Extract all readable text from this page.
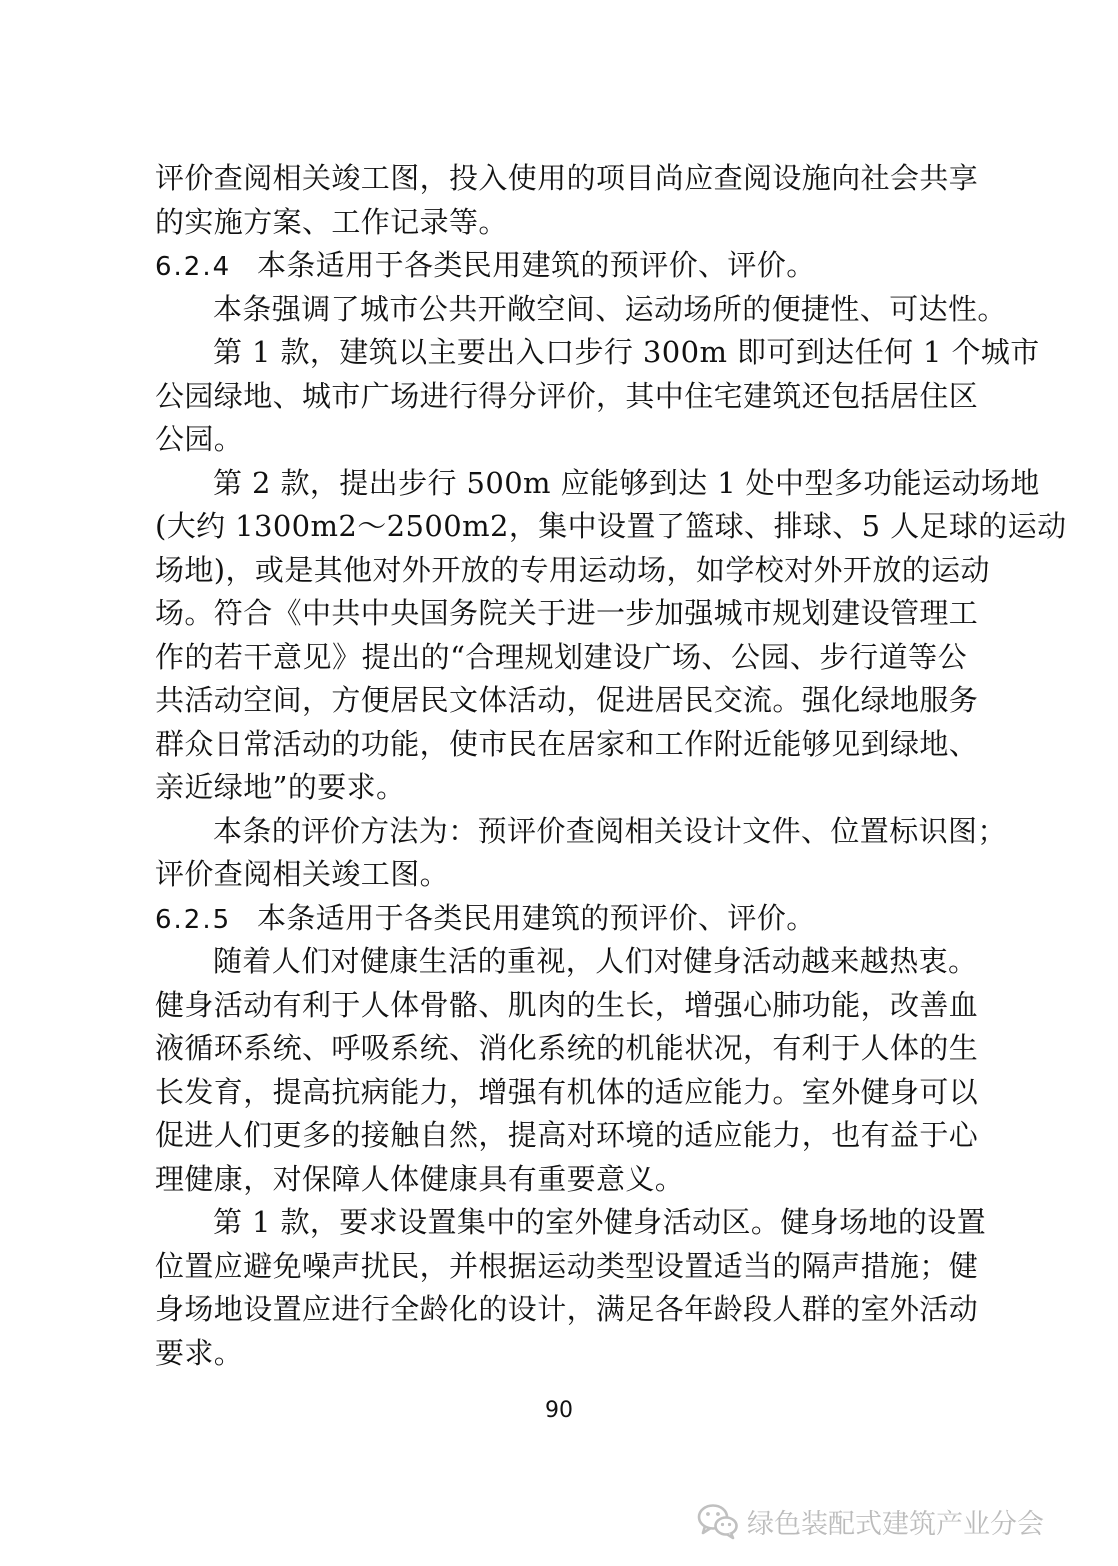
评价查阅相关竣工图，投入使用的项目尚应查阅设施向社会共享
的实施方案、工作记录等。
6.2.4 本条适用于各类民用建筑的预评价、评价。
本条强调了城市公共开敞空间、运动场所的便捷性、可达性。
第 1 款，建筑以主要出入口步行 300m 即可到达任何 1 个城市
公园绿地、城市广场进行得分评价，其中住宅建筑还包括居住区
公园。
第 2 款，提出步行 500m 应能够到达 1 处中型多功能运动场地
(大约 1300m2～2500m2，集中设置了篮球、排球、5 人足球的运动
场地)，或是其他对外开放的专用运动场，如学校对外开放的运动
场。符合《中共中央国务院关于进一步加强城市规划建设管理工
作的若干意见》提出的“合理规划建设广场、公园、步行道等公
共活动空间，方便居民文体活动，促进居民交流。强化绿地服务
群众日常活动的功能，使市民在居家和工作附近能够见到绿地、
亲近绿地”的要求。
本条的评价方法为：预评价查阅相关设计文件、位置标识图；
评价查阅相关竣工图。
6.2.5 本条适用于各类民用建筑的预评价、评价。
随着人们对健康生活的重视，人们对健身活动越来越热衷。
健身活动有利于人体骨骼、肌肉的生长，增强心肺功能，改善血
液循环系统、呼吸系统、消化系统的机能状况，有利于人体的生
长发育，提高抗病能力，增强有机体的适应能力。室外健身可以
促进人们更多的接触自然，提高对环境的适应能力，也有益于心
理健康，对保障人体健康具有重要意义。
第 1 款，要求设置集中的室外健身活动区。健身场地的设置
位置应避免噪声扰民，并根据运动类型设置适当的隔声措施；健
身场地设置应进行全龄化的设计，满足各年龄段人群的室外活动
要求。
90
绿色装配式建筑产业分会
